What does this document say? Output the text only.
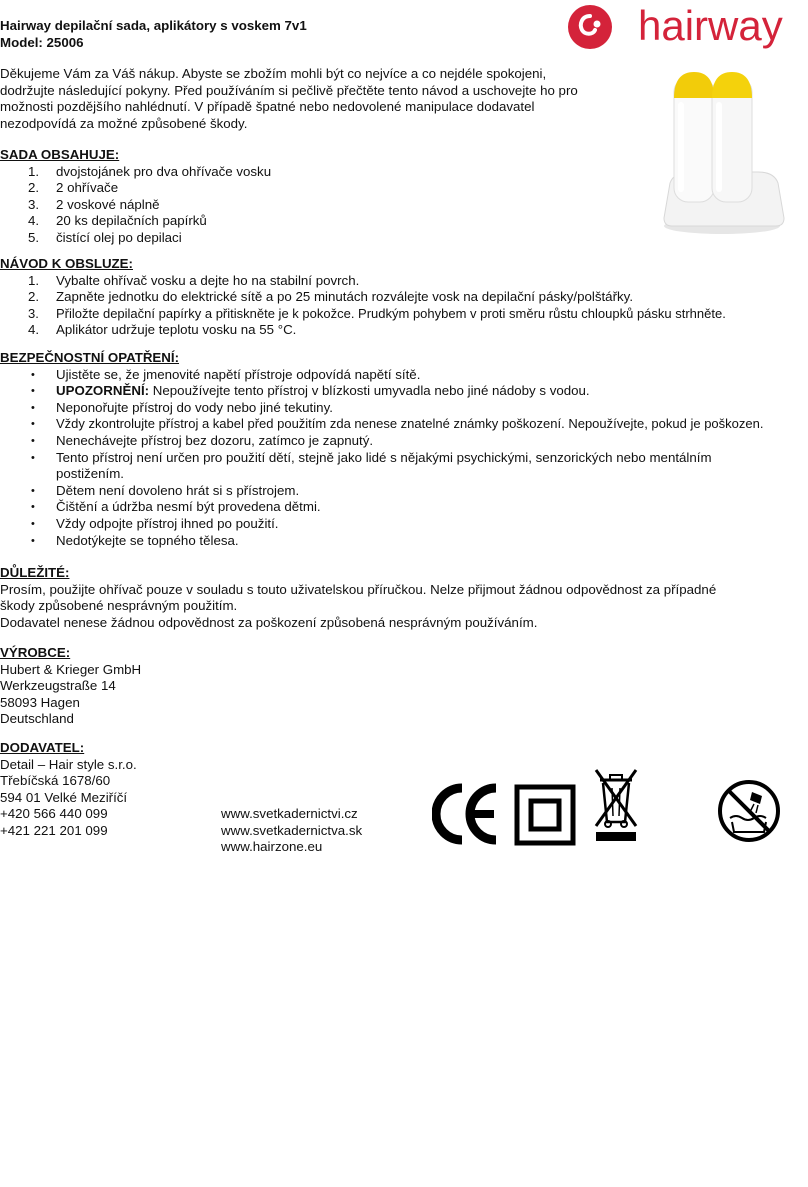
Hairway depilační sada, aplikátory s voskem 7v1
Model: 25006	hairway
Děkujeme Vám za Váš nákup. Abyste se zbožím mohli být co nejvíce a co nejdéle spokojeni, dodržujte následující pokyny. Před používáním si pečlivě přečtěte tento návod a uschovejte ho pro možnosti pozdějšího nahlédnutí. V případě špatné nebo nedovolené manipulace dodavatel nezodpovídá za možné způsobené škody.
SADA OBSAHUJE:
1. dvojstojánek pro dva ohřívače vosku
2. 2 ohřívače
3. 2 voskové náplně
4. 20 ks depilačních papírků
5. čistící olej po depilaci
NÁVOD K OBSLUZE:
1. Vybalte ohřívač vosku a dejte ho na stabilní povrch.
2. Zapněte jednotku do elektrické sítě a po 25 minutách rozválejte vosk na depilační pásky/polštářky.
3. Přiložte depilační papírky a přitiskněte je k pokožce. Prudkým pohybem v proti směru růstu chloupků pásku strhněte.
4. Aplikátor udržuje teplotu vosku na 55 °C.
BEZPEČNOSTNÍ OPATŘENÍ:
• Ujistěte se, že jmenovité napětí přístroje odpovídá napětí sítě.
• UPOZORNĚNÍ: Nepoužívejte tento přístroj v blízkosti umyvadla nebo jiné nádoby s vodou.
• Neponořujte přístroj do vody nebo jiné tekutiny.
• Vždy zkontrolujte přístroj a kabel před použitím zda nenese znatelné známky poškození. Nepoužívejte, pokud je poškozen.
• Nenechávejte přístroj bez dozoru, zatímco je zapnutý.
• Tento přístroj není určen pro použití dětí, stejně jako lidé s nějakými psychickými, senzorických nebo mentálním postižením.
• Dětem není dovoleno hrát si s přístrojem.
• Čištění a údržba nesmí být provedena dětmi.
• Vždy odpojte přístroj ihned po použití.
• Nedotýkejte se topného tělesa.
DŮLEŽITÉ:
Prosím, použijte ohřívač pouze v souladu s touto uživatelskou příručkou. Nelze přijmout žádnou odpovědnost za případné škody způsobené nesprávným použitím.
Dodavatel nenese žádnou odpovědnost za poškození způsobená nesprávným používáním.
VÝROBCE:
Hubert & Krieger GmbH
Werkzeugstraße 14
58093 Hagen
Deutschland
DODAVATEL:
Detail – Hair style s.r.o.
Třebíčská 1678/60
594 01 Velké Meziříčí
+420 566 440 099
+421 221 201 099
www.svetkadernictvi.cz
www.svetkadernictva.sk
www.hairzone.eu
